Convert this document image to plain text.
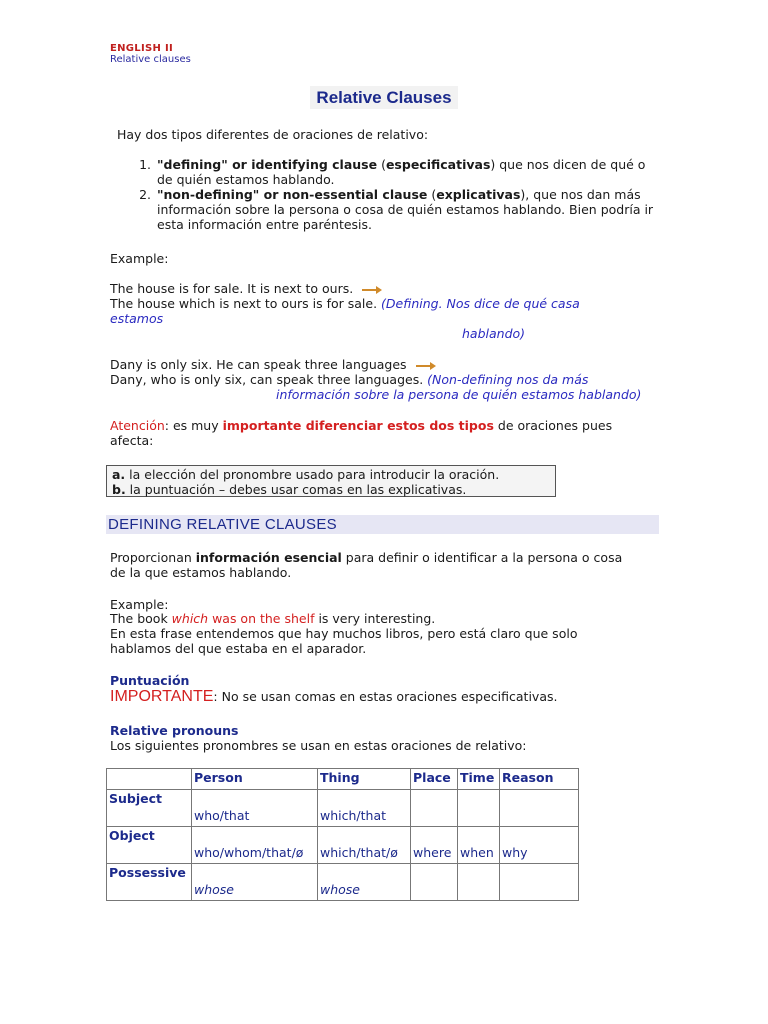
ENGLISH II
Relative clauses
Relative Clauses
Hay dos tipos diferentes de oraciones de relativo:
1. "defining" or identifying clause (especificativas) que nos dicen de qué o de quién estamos hablando.
2. "non-defining" or non-essential clause (explicativas), que nos dan más información sobre la persona o cosa de quién estamos hablando. Bien podría ir esta información entre paréntesis.
Example:
The house is for sale. It is next to ours.
The house which is next to ours is for sale. (Defining. Nos dice de qué casa
estamos
hablando)
Dany is only six. He can speak three languages
Dany, who is only six, can speak three languages. (Non-defining nos da más
información sobre la persona de quién estamos hablando)
Atención: es muy importante diferenciar estos dos tipos de oraciones pues
afecta:
a. la elección del pronombre usado para introducir la oración.
b. la puntuación – debes usar comas en las explicativas.
DEFINING RELATIVE CLAUSES
Proporcionan información esencial para definir o identificar a la persona o cosa
de la que estamos hablando.
Example:
The book which was on the shelf is very interesting.
En esta frase entendemos que hay muchos libros, pero está claro que solo
hablamos del que estaba en el aparador.
Puntuación
IMPORTANTE: No se usan comas en estas oraciones especificativas.
Relative pronouns
Los siguientes pronombres se usan en estas oraciones de relativo:
	Person	Thing	Place	Time	Reason
Subject	who/that	which/that			

Object	who/whom/that/ø	which/that/ø	where	when	why

Possessive	whose	whose			
